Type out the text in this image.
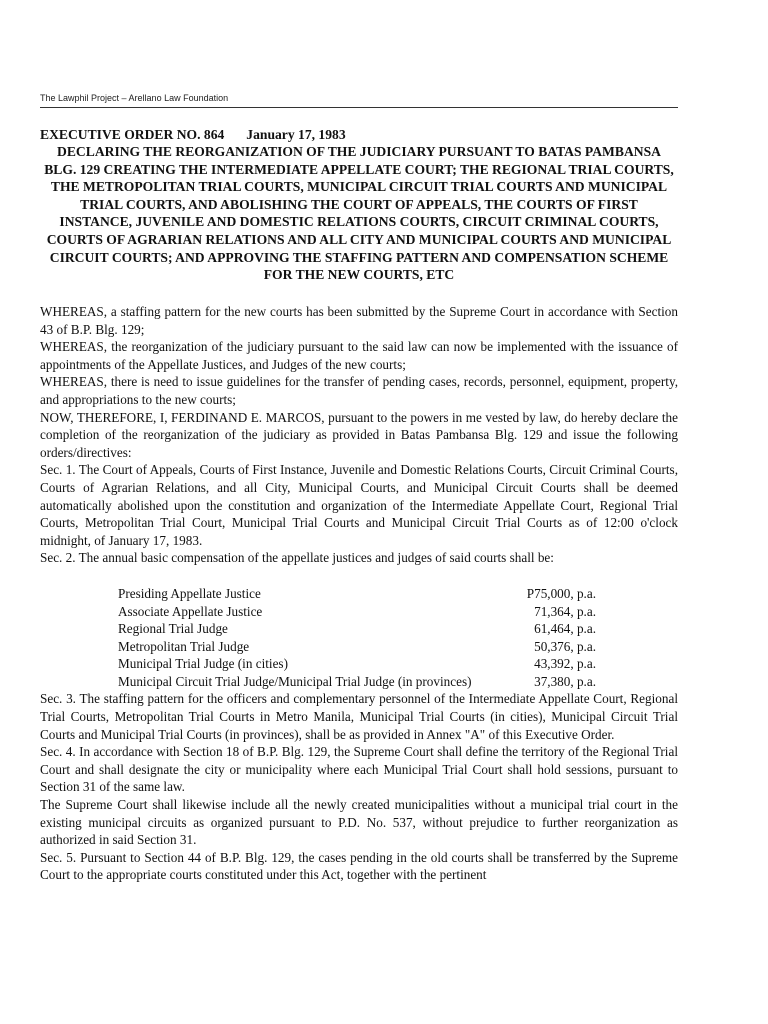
The Lawphil Project – Arellano Law Foundation
EXECUTIVE ORDER NO. 864 January 17, 1983

DECLARING THE REORGANIZATION OF THE JUDICIARY PURSUANT TO BATAS PAMBANSA BLG. 129 CREATING THE INTERMEDIATE APPELLATE COURT; THE REGIONAL TRIAL COURTS, THE METROPOLITAN TRIAL COURTS, MUNICIPAL CIRCUIT TRIAL COURTS AND MUNICIPAL TRIAL COURTS, AND ABOLISHING THE COURT OF APPEALS, THE COURTS OF FIRST INSTANCE, JUVENILE AND DOMESTIC RELATIONS COURTS, CIRCUIT CRIMINAL COURTS, COURTS OF AGRARIAN RELATIONS AND ALL CITY AND MUNICIPAL COURTS AND MUNICIPAL CIRCUIT COURTS; AND APPROVING THE STAFFING PATTERN AND COMPENSATION SCHEME FOR THE NEW COURTS, ETC

WHEREAS, a staffing pattern for the new courts has been submitted by the Supreme Court in accordance with Section 43 of B.P. Blg. 129;

WHEREAS, the reorganization of the judiciary pursuant to the said law can now be implemented with the issuance of appointments of the Appellate Justices, and Judges of the new courts;

WHEREAS, there is need to issue guidelines for the transfer of pending cases, records, personnel, equipment, property, and appropriations to the new courts;

NOW, THEREFORE, I, FERDINAND E. MARCOS, pursuant to the powers in me vested by law, do hereby declare the completion of the reorganization of the judiciary as provided in Batas Pambansa Blg. 129 and issue the following orders/directives:

Sec. 1. The Court of Appeals, Courts of First Instance, Juvenile and Domestic Relations Courts, Circuit Criminal Courts, Courts of Agrarian Relations, and all City, Municipal Courts, and Municipal Circuit Courts shall be deemed automatically abolished upon the constitution and organization of the Intermediate Appellate Court, Regional Trial Courts, Metropolitan Trial Court, Municipal Trial Courts and Municipal Circuit Trial Courts as of 12:00 o'clock midnight, of January 17, 1983.

Sec. 2. The annual basic compensation of the appellate justices and judges of said courts shall be:

Presiding Appellate Justice	P75,000, p.a.
Associate Appellate Justice	71,364, p.a.
Regional Trial Judge	61,464, p.a.
Metropolitan Trial Judge	50,376, p.a.
Municipal Trial Judge (in cities)	43,392, p.a.
Municipal Circuit Trial Judge/Municipal Trial Judge (in provinces)	37,380, p.a.

Sec. 3. The staffing pattern for the officers and complementary personnel of the Intermediate Appellate Court, Regional Trial Courts, Metropolitan Trial Courts in Metro Manila, Municipal Trial Courts (in cities), Municipal Circuit Trial Courts and Municipal Trial Courts (in provinces), shall be as provided in Annex "A" of this Executive Order.

Sec. 4. In accordance with Section 18 of B.P. Blg. 129, the Supreme Court shall define the territory of the Regional Trial Court and shall designate the city or municipality where each Municipal Trial Court shall hold sessions, pursuant to Section 31 of the same law.

The Supreme Court shall likewise include all the newly created municipalities without a municipal trial court in the existing municipal circuits as organized pursuant to P.D. No. 537, without prejudice to further reorganization as authorized in said Section 31.

Sec. 5. Pursuant to Section 44 of B.P. Blg. 129, the cases pending in the old courts shall be transferred by the Supreme Court to the appropriate courts constituted under this Act, together with the pertinent
